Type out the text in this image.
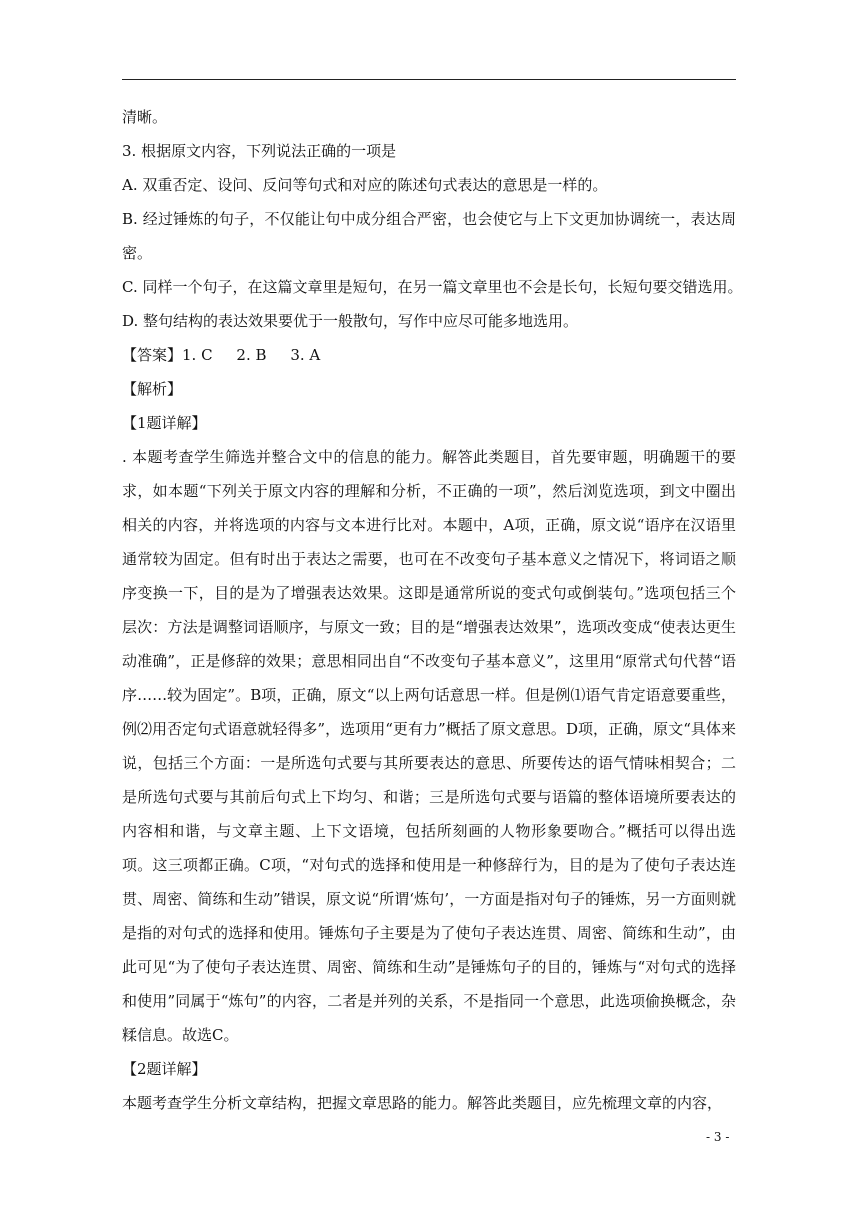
清晰。
3. 根据原文内容，下列说法正确的一项是
A. 双重否定、设问、反问等句式和对应的陈述句式表达的意思是一样的。
B. 经过锤炼的句子，不仅能让句中成分组合严密，也会使它与上下文更加协调统一，表达周密。
C. 同样一个句子，在这篇文章里是短句，在另一篇文章里也不会是长句，长短句要交错选用。
D. 整句结构的表达效果要优于一般散句，写作中应尽可能多地选用。
【答案】1. C     2. B     3. A
【解析】
【1题详解】
. 本题考查学生筛选并整合文中的信息的能力。解答此类题目，首先要审题，明确题干的要求，如本题“下列关于原文内容的理解和分析，不正确的一项”，然后浏览选项，到文中圈出相关的内容，并将选项的内容与文本进行比对。本题中，A项，正确，原文说“语序在汉语里通常较为固定。但有时出于表达之需要，也可在不改变句子基本意义之情况下，将词语之顺序变换一下，目的是为了增强表达效果。这即是通常所说的变式句或倒装句。”选项包括三个层次：方法是调整词语顺序，与原文一致；目的是“增强表达效果”，选项改变成“使表达更生动准确”，正是修辞的效果；意思相同出自“不改变句子基本意义”，这里用“原常式句代替“语序……较为固定”。B项，正确，原文“以上两句话意思一样。但是例⑴语气肯定语意要重些，例⑵用否定句式语意就轻得多”，选项用“更有力”概括了原文意思。D项，正确，原文“具体来说，包括三个方面：一是所选句式要与其所要表达的意思、所要传达的语气情味相契合；二是所选句式要与其前后句式上下均匀、和谐；三是所选句式要与语篇的整体语境所要表达的内容相和谐，与文章主题、上下文语境，包括所刻画的人物形象要吻合。”概括可以得出选项。这三项都正确。C项，“对句式的选择和使用是一种修辞行为，目的是为了使句子表达连贯、周密、简练和生动”错误，原文说“所谓‘炼句’，一方面是指对句子的锤炼，另一方面则就是指的对句式的选择和使用。锤炼句子主要是为了使句子表达连贯、周密、简练和生动”，由此可见“为了使句子表达连贯、周密、简练和生动”是锤炼句子的目的，锤炼与“对句式的选择和使用”同属于“炼句”的内容，二者是并列的关系，不是指同一个意思，此选项偷换概念，杂糅信息。故选C。
【2题详解】
本题考查学生分析文章结构，把握文章思路的能力。解答此类题目，应先梳理文章的内容，
- 3 -
